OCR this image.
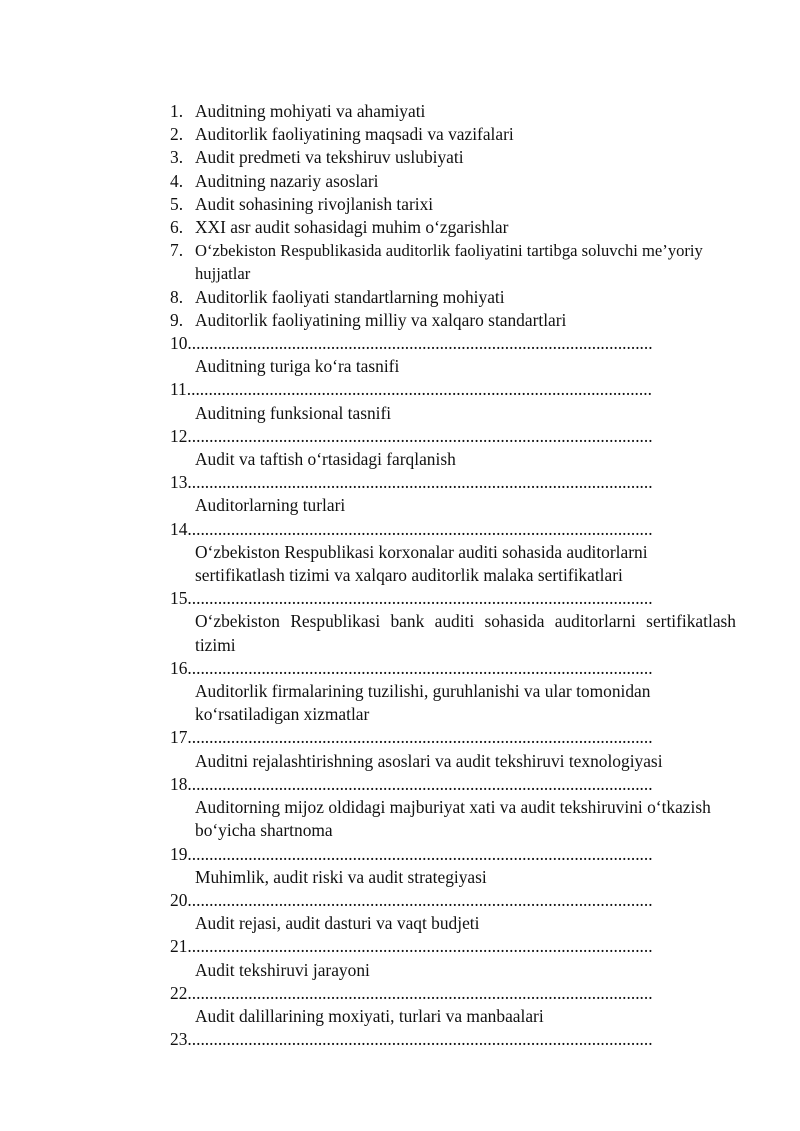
1. Auditning mohiyati va ahamiyati
2. Auditorlik faoliyatining maqsadi va vazifalari
3. Audit predmeti va tekshiruv uslubiyati
4. Auditning nazariy asoslari
5. Audit sohasining rivojlanish tarixi
6. XXI asr audit sohasidagi muhim o‘zgarishlar
7. O‘zbekiston Respublikasida auditorlik faoliyatini tartibga soluvchi me’yoriy hujjatlar
8. Auditorlik faoliyati standartlarning mohiyati
9. Auditorlik faoliyatining milliy va xalqaro standartlari
10...........................................................................................................
Auditning turiga ko‘ra tasnifi
11...........................................................................................................
Auditning funksional tasnifi
12...........................................................................................................
Audit va taftish o‘rtasidagi farqlanish
13...........................................................................................................
Auditorlarning turlari
14...........................................................................................................
O‘zbekiston Respublikasi korxonalar auditi sohasida auditorlarni sertifikatlash tizimi va xalqaro auditorlik malaka sertifikatlari
15...........................................................................................................
O‘zbekiston Respublikasi bank auditi sohasida auditorlarni sertifikatlash tizimi
16...........................................................................................................
Auditorlik firmalarining tuzilishi, guruhlanishi va ular tomonidan ko‘rsatiladigan xizmatlar
17...........................................................................................................
Auditni rejalashtirishning asoslari va audit tekshiruvi texnologiyasi
18...........................................................................................................
Auditorning mijoz oldidagi majburiyat xati va audit tekshiruvini o‘tkazish bo‘yicha shartnoma
19...........................................................................................................
Muhimlik, audit riski va audit strategiyasi
20...........................................................................................................
Audit rejasi, audit dasturi va vaqt budjeti
21...........................................................................................................
Audit tekshiruvi jarayoni
22...........................................................................................................
Audit dalillarining moxiyati, turlari va manbaalari
23...........................................................................................................
